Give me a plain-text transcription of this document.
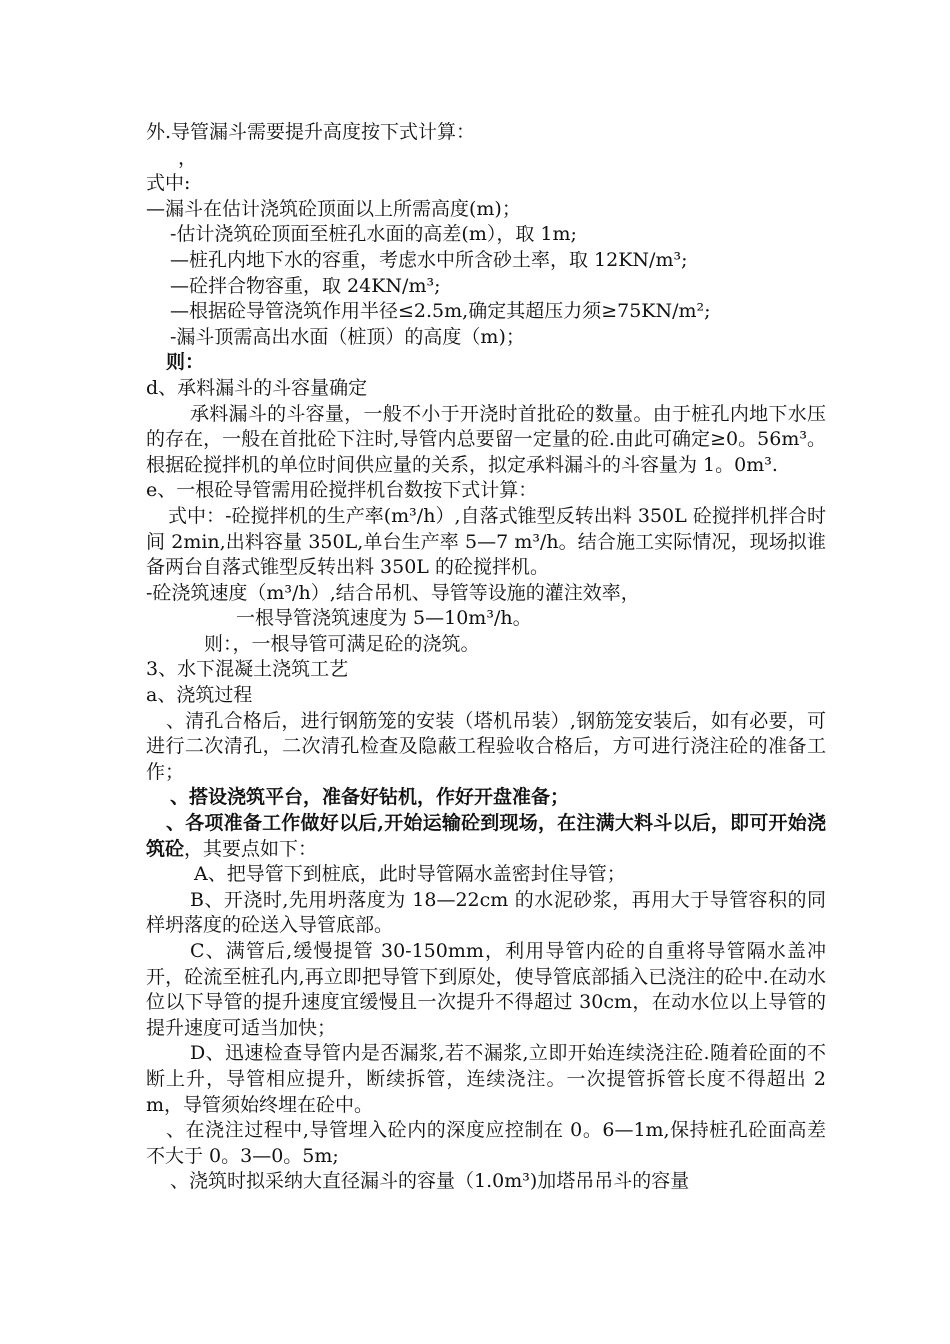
外.导管漏斗需要提升高度按下式计算：
，
式中:
—漏斗在估计浇筑砼顶面以上所需高度(m)；
-估计浇筑砼顶面至桩孔水面的高差(m），取 1m;
—桩孔内地下水的容重，考虑水中所含砂土率，取 12KN/m³;
—砼拌合物容重，取 24KN/m³;
—根据砼导管浇筑作用半径≤2.5m,确定其超压力须≥75KN/m²;
-漏斗顶需高出水面（桩顶）的高度（m)；
则：
d、承料漏斗的斗容量确定
承料漏斗的斗容量，一般不小于开浇时首批砼的数量。由于桩孔内地下水压的存在，一般在首批砼下注时,导管内总要留一定量的砼.由此可确定≥0。56m³。根据砼搅拌机的单位时间供应量的关系，拟定承料漏斗的斗容量为 1。0m³.
e、一根砼导管需用砼搅拌机台数按下式计算：
式中：-砼搅拌机的生产率(m³/h）,自落式锥型反转出料 350L 砼搅拌机拌合时间 2min,出料容量 350L,单台生产率 5—7 m³/h。结合施工实际情况，现场拟谁备两台自落式锥型反转出料 350L 的砼搅拌机。
-砼浇筑速度（m³/h）,结合吊机、导管等设施的灌注效率，
一根导管浇筑速度为 5—10m³/h。
则：，一根导管可满足砼的浇筑。
3、水下混凝土浇筑工艺
a、浇筑过程
、清孔合格后，进行钢筋笼的安装（塔机吊装）,钢筋笼安装后，如有必要，可进行二次清孔，二次清孔检查及隐蔽工程验收合格后，方可进行浇注砼的准备工作；
、搭设浇筑平台，准备好钻机，作好开盘准备；
、各项准备工作做好以后,开始运输砼到现场，在注满大料斗以后，即可开始浇筑砼，其要点如下：
A、把导管下到桩底，此时导管隔水盖密封住导管；
B、开浇时,先用坍落度为 18—22cm 的水泥砂浆，再用大于导管容积的同样坍落度的砼送入导管底部。
C、满管后,缓慢提管 30-150mm，利用导管内砼的自重将导管隔水盖冲开，砼流至桩孔内,再立即把导管下到原处，使导管底部插入已浇注的砼中.在动水位以下导管的提升速度宜缓慢且一次提升不得超过 30cm，在动水位以上导管的提升速度可适当加快；
D、迅速检查导管内是否漏浆,若不漏浆,立即开始连续浇注砼.随着砼面的不断上升，导管相应提升，断续拆管，连续浇注。一次提管拆管长度不得超出 2m，导管须始终埋在砼中。
、在浇注过程中,导管埋入砼内的深度应控制在 0。6—1m,保持桩孔砼面高差不大于 0。3—0。5m;
、浇筑时拟采纳大直径漏斗的容量（1.0m³)加塔吊吊斗的容量
